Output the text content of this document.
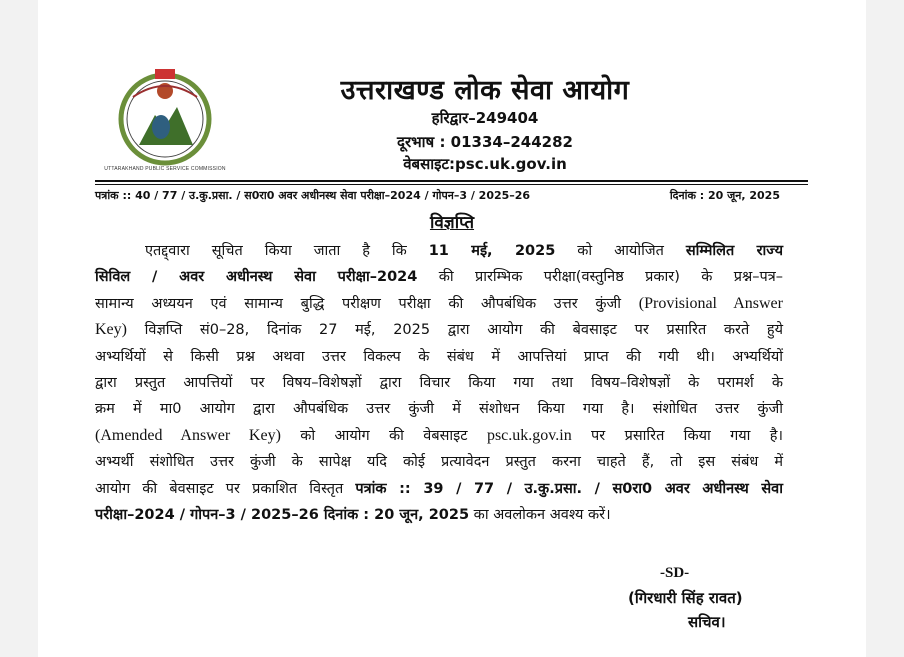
UTTARAKHAND PUBLIC SERVICE COMMISSION
उत्तराखण्ड लोक सेवा आयोग
हरिद्वार–249404
दूरभाष : 01334–244282
वेबसाइट:psc.uk.gov.in
पत्रांक :: 40 / 77 / उ.कु.प्रसा. / स0रा0 अवर अधीनस्थ सेवा परीक्षा–2024 / गोपन–3 / 2025–26	दिनांक : 20 जून, 2025
विज्ञप्ति
एतद्द्वारा सूचित किया जाता है कि 11 मई, 2025 को आयोजित सम्मिलित राज्य
सिविल / अवर अधीनस्थ सेवा परीक्षा–2024 की प्रारम्भिक परीक्षा(वस्तुनिष्ठ प्रकार) के प्रश्न–पत्र–
सामान्य अध्ययन एवं सामान्य बुद्धि परीक्षण परीक्षा की औपबंधिक उत्तर कुंजी (Provisional Answer
Key) विज्ञप्ति सं0–28, दिनांक 27 मई, 2025 द्वारा आयोग की बेवसाइट पर प्रसारित करते हुये
अभ्यर्थियों से किसी प्रश्न अथवा उत्तर विकल्प के संबंध में आपत्तियां प्राप्त की गयी थी। अभ्यर्थियों
द्वारा प्रस्तुत आपत्तियों पर विषय–विशेषज्ञों द्वारा विचार किया गया तथा विषय–विशेषज्ञों के परामर्श के
क्रम में मा0 आयोग द्वारा औपबंधिक उत्तर कुंजी में संशोधन किया गया है। संशोधित उत्तर कुंजी
(Amended Answer Key) को आयोग की वेबसाइट psc.uk.gov.in पर प्रसारित किया गया है।
अभ्यर्थी संशोधित उत्तर कुंजी के सापेक्ष यदि कोई प्रत्यावेदन प्रस्तुत करना चाहते हैं, तो इस संबंध में
आयोग की बेवसाइट पर प्रकाशित विस्तृत पत्रांक :: 39 / 77 / उ.कु.प्रसा. / स0रा0 अवर अधीनस्थ सेवा
परीक्षा–2024 / गोपन–3 / 2025–26 दिनांक : 20 जून, 2025 का अवलोकन अवश्य करें।
-SD-
(गिरधारी सिंह रावत)
सचिव।
